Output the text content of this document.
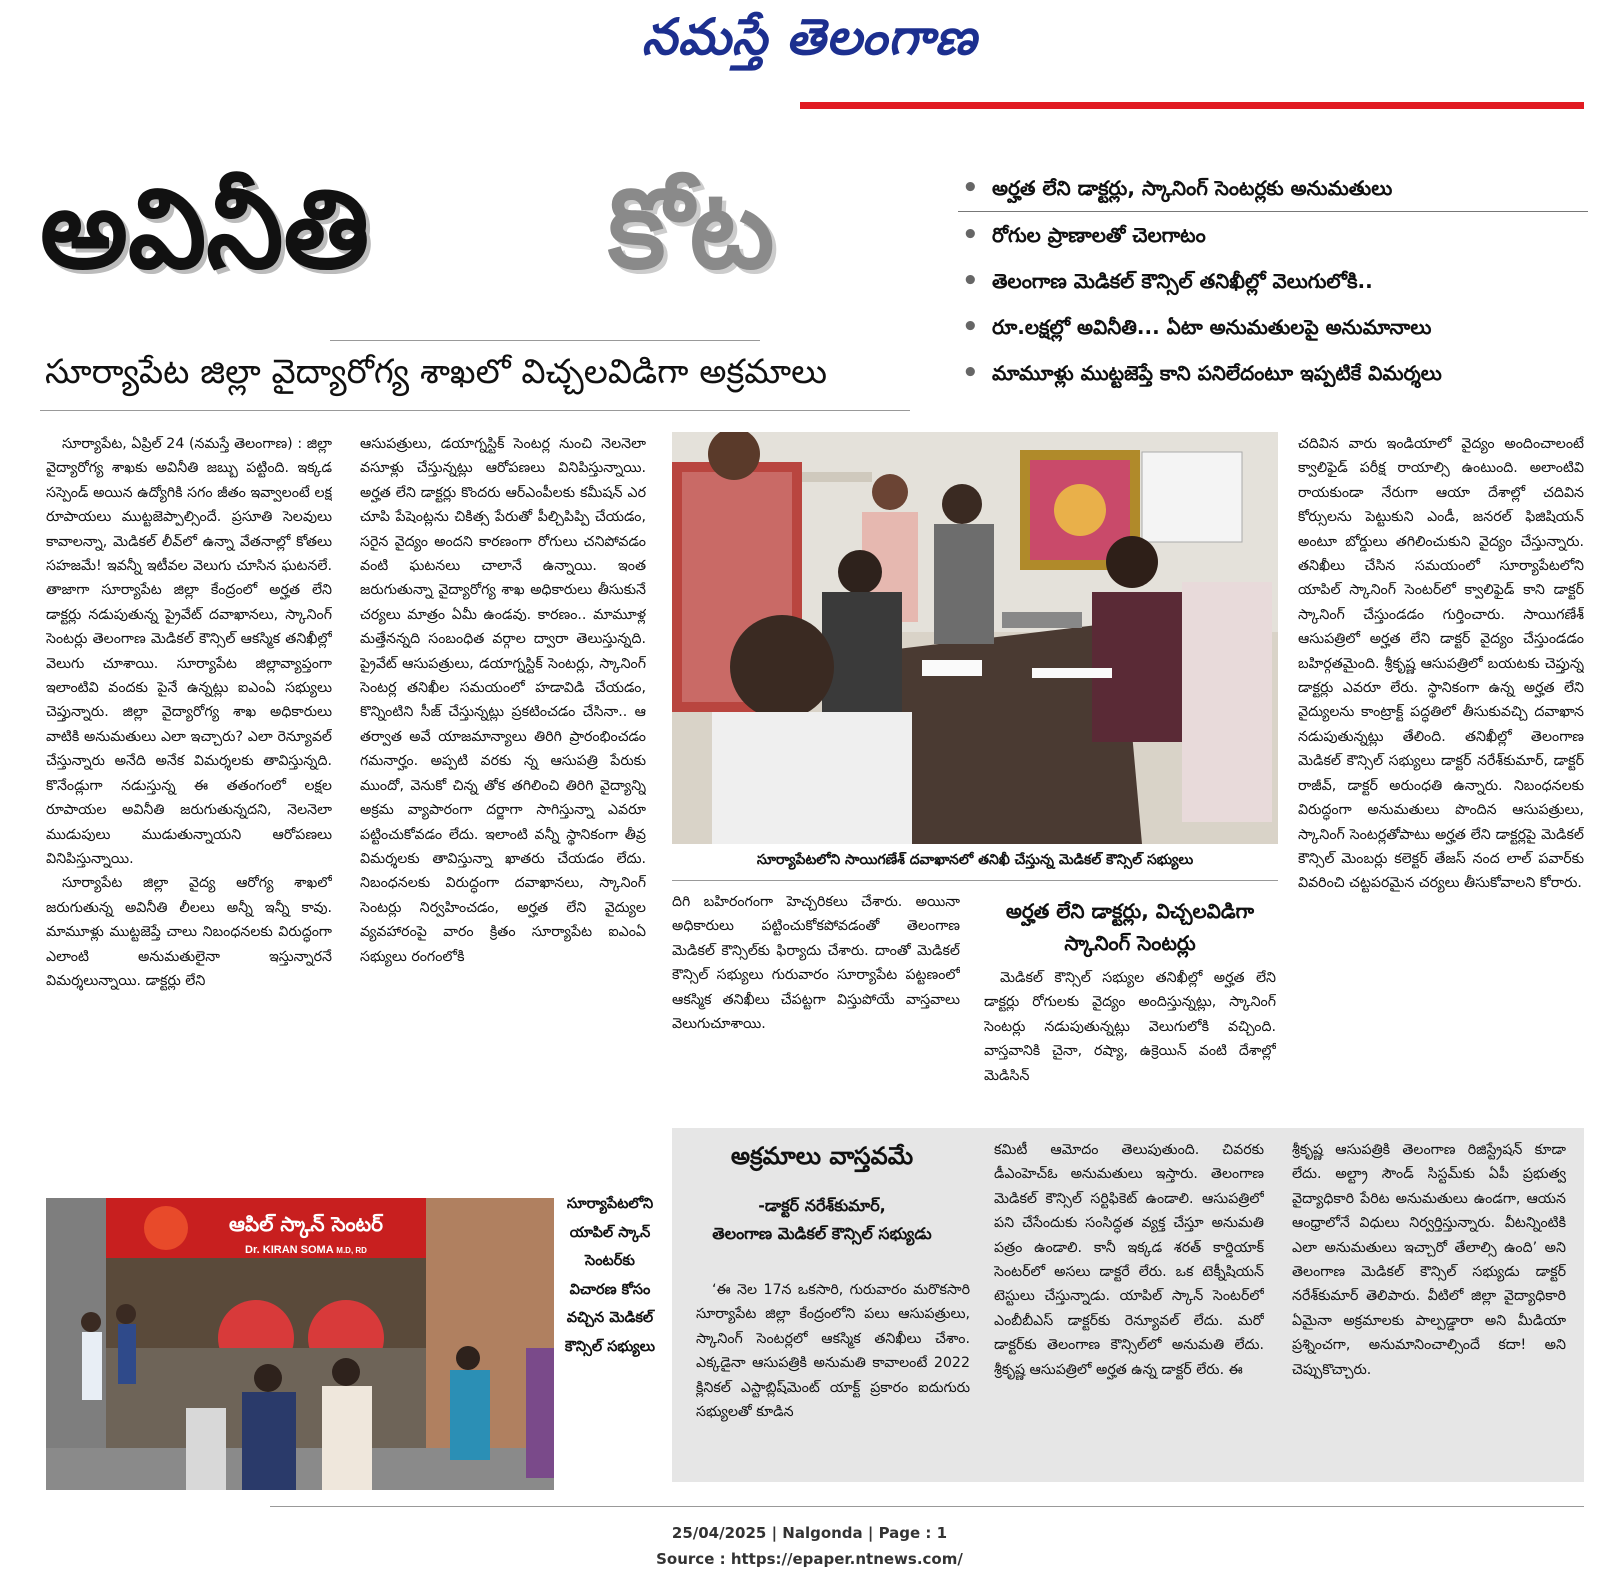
నమస్తే తెలంగాణ
అవినీతి కోట
సూర్యాపేట జిల్లా వైద్యారోగ్య శాఖలో విచ్చలవిడిగా అక్రమాలు
• అర్హత లేని డాక్టర్లు, స్కానింగ్ సెంటర్లకు అనుమతులు
• రోగుల ప్రాణాలతో చెలగాటం
• తెలంగాణ మెడికల్ కౌన్సిల్ తనిఖీల్లో వెలుగులోకి..
• రూ.లక్షల్లో అవినీతి... ఏటా అనుమతులపై అనుమానాలు
• మామూళ్లు ముట్టజెప్తే కాని పనిలేదంటూ ఇప్పటికే విమర్శలు

సూర్యాపేట, ఏప్రిల్ 24 (నమస్తే తెలంగాణ) : జిల్లా వైద్యారోగ్య శాఖకు అవినీతి జబ్బు పట్టింది. ఇక్కడ సస్పెండ్ అయిన ఉద్యోగికి సగం జీతం ఇవ్వాలంటే లక్ష రూపాయలు ముట్టజెప్పాల్సిందే. ప్రసూతి సెలవులు కావాలన్నా, మెడికల్ లీవ్‌లో ఉన్నా వేతనాల్లో కోతలు సహజమే! ఇవన్నీ ఇటీవల వెలుగు చూసిన ఘటనలే. తాజాగా సూర్యాపేట జిల్లా కేంద్రంలో అర్హత లేని డాక్టర్లు నడుపుతున్న ప్రైవేట్ దవాఖానలు, స్కానింగ్ సెంటర్లు తెలంగాణ మెడికల్ కౌన్సిల్ ఆకస్మిక తనిఖీల్లో వెలుగు చూశాయి. సూర్యాపేట జిల్లావ్యాప్తంగా ఇలాంటివి వందకు పైనే ఉన్నట్లు ఐఎంఏ సభ్యులు చెప్తున్నారు. జిల్లా వైద్యారోగ్య శాఖ అధికారులు వాటికి అనుమతులు ఎలా ఇచ్చారు? ఎలా రెన్యూవల్ చేస్తున్నారు అనేది అనేక విమర్శలకు తావిస్తున్నది. కొనేండ్లుగా నడుస్తున్న ఈ తతంగంలో లక్షల రూపాయల అవినీతి జరుగుతున్నదని, నెలనెలా ముడుపులు ముడుతున్నాయని ఆరోపణలు వినిపిస్తున్నాయి.

సూర్యాపేట జిల్లా వైద్య ఆరోగ్య శాఖలో జరుగుతున్న అవినీతి లీలలు అన్నీ ఇన్నీ కావు. మామూళ్లు ముట్టజెప్తే చాలు నిబంధనలకు విరుద్ధంగా ఎలాంటి అనుమతులైనా ఇస్తున్నారనే విమర్శలున్నాయి. డాక్టర్లు లేని

ఆసుపత్రులు, డయాగ్నస్టిక్ సెంటర్ల నుంచి నెలనెలా వసూళ్లు చేస్తున్నట్లు ఆరోపణలు వినిపిస్తున్నాయి. అర్హత లేని డాక్టర్లు కొందరు ఆర్‌ఎంపీలకు కమీషన్ ఎర చూపి పేషెంట్లను చికిత్స పేరుతో పీల్చిపిప్పి చేయడం, సరైన వైద్యం అందని కారణంగా రోగులు చనిపోవడం వంటి ఘటనలు చాలానే ఉన్నాయి. ఇంత జరుగుతున్నా వైద్యారోగ్య శాఖ అధికారులు తీసుకునే చర్యలు మాత్రం ఏమీ ఉండవు. కారణం.. మామూళ్ల మత్తేనన్నది సంబంధిత వర్గాల ద్వారా తెలుస్తున్నది. ప్రైవేట్ ఆసుపత్రులు, డయాగ్నస్టిక్ సెంటర్లు, స్కానింగ్ సెంటర్ల తనిఖీల సమయంలో హడావిడి చేయడం, కొన్నింటిని సీజ్ చేస్తున్నట్లు ప్రకటించడం చేసినా.. ఆ తర్వాత అవే యాజమాన్యాలు తిరిగి ప్రారంభించడం గమనార్హం. అప్పటి వరకు న్న ఆసుపత్రి పేరుకు ముందో, వెనుకో చిన్న తోక తగిలించి తిరిగి వైద్యాన్ని అక్రమ వ్యాపారంగా దర్జాగా సాగిస్తున్నా ఎవరూ పట్టించుకోవడం లేదు. ఇలాంటి వన్నీ స్థానికంగా తీవ్ర విమర్శలకు తావిస్తున్నా ఖాతరు చేయడం లేదు. నిబంధనలకు విరుద్ధంగా దవాఖానలు, స్కానింగ్ సెంటర్లు నిర్వహించడం, అర్హత లేని వైద్యుల వ్యవహారంపై వారం క్రితం సూర్యాపేట ఐఎంఏ సభ్యులు రంగంలోకి

సూర్యాపేటలోని సాయిగణేశ్ దవాఖానలో తనిఖీ చేస్తున్న మెడికల్ కౌన్సిల్ సభ్యులు

దిగి బహిరంగంగా హెచ్చరికలు చేశారు. అయినా అధికారులు పట్టించుకోకపోవడంతో తెలంగాణ మెడికల్ కౌన్సిల్‌కు ఫిర్యాదు చేశారు. దాంతో మెడికల్ కౌన్సిల్ సభ్యులు గురువారం సూర్యాపేట పట్టణంలో ఆకస్మిక తనిఖీలు చేపట్టగా విస్తుపోయే వాస్తవాలు వెలుగుచూశాయి.

అర్హత లేని డాక్టర్లు, విచ్చలవిడిగా స్కానింగ్ సెంటర్లు

మెడికల్ కౌన్సిల్ సభ్యుల తనిఖీల్లో అర్హత లేని డాక్టర్లు రోగులకు వైద్యం అందిస్తున్నట్లు, స్కానింగ్ సెంటర్లు నడుపుతున్నట్లు వెలుగులోకి వచ్చింది. వాస్తవానికి చైనా, రష్యా, ఉక్రెయిన్ వంటి దేశాల్లో మెడిసిన్

చదివిన వారు ఇండియాలో వైద్యం అందించాలంటే క్వాలిఫైడ్ పరీక్ష రాయాల్సి ఉంటుంది. అలాంటివి రాయకుండా నేరుగా ఆయా దేశాల్లో చదివిన కోర్సులను పెట్టుకుని ఎండీ, జనరల్ ఫిజిషియన్ అంటూ బోర్డులు తగిలించుకుని వైద్యం చేస్తున్నారు. తనిఖీలు చేసిన సమయంలో సూర్యాపేటలోని యాపిల్ స్కానింగ్ సెంటర్‌లో క్వాలిఫైడ్ కాని డాక్టర్ స్కానింగ్ చేస్తుండడం గుర్తించారు. సాయిగణేశ్ ఆసుపత్రిలో అర్హత లేని డాక్టర్ వైద్యం చేస్తుండడం బహిర్గతమైంది. శ్రీకృష్ణ ఆసుపత్రిలో బయటకు చెప్తున్న డాక్టర్లు ఎవరూ లేరు. స్థానికంగా ఉన్న అర్హత లేని వైద్యులను కాంట్రాక్ట్ పద్ధతిలో తీసుకువచ్చి దవాఖాన నడుపుతున్నట్లు తేలింది. తనిఖీల్లో తెలంగాణ మెడికల్ కౌన్సిల్ సభ్యులు డాక్టర్ నరేశ్‌కుమార్, డాక్టర్ రాజీవ్, డాక్టర్ అరుంధతి ఉన్నారు. నిబంధనలకు విరుద్ధంగా అనుమతులు పొందిన ఆసుపత్రులు, స్కానింగ్ సెంటర్లతోపాటు అర్హత లేని డాక్టర్లపై మెడికల్ కౌన్సిల్ మెంబర్లు కలెక్టర్ తేజస్ నంద లాల్ పవార్‌కు వివరించి చట్టపరమైన చర్యలు తీసుకోవాలని కోరారు.

ఆపిల్ స్కాన్ సెంటర్
Dr. KIRAN SOMA M.D, RD
సూర్యాపేటలోని యాపిల్ స్కాన్ సెంటర్‌కు విచారణ కోసం వచ్చిన మెడికల్ కౌన్సిల్ సభ్యులు
అక్రమాలు వాస్తవమే
-డాక్టర్ నరేశ్‌కుమార్,
తెలంగాణ మెడికల్ కౌన్సిల్ సభ్యుడు

‘ఈ నెల 17న ఒకసారి, గురువారం మరొకసారి సూర్యాపేట జిల్లా కేంద్రంలోని పలు ఆసుపత్రులు, స్కానింగ్ సెంటర్లలో ఆకస్మిక తనిఖీలు చేశాం. ఎక్కడైనా ఆసుపత్రికి అనుమతి కావాలంటే 2022 క్లినికల్ ఎస్టాబ్లిష్‌మెంట్ యాక్ట్ ప్రకారం ఐదుగురు సభ్యులతో కూడిన

కమిటీ ఆమోదం తెలుపుతుంది. చివరకు డీఎంహెచ్‌ఓ అనుమతులు ఇస్తారు. తెలంగాణ మెడికల్ కౌన్సిల్ సర్టిఫికెట్ ఉండాలి. ఆసుపత్రిలో పని చేసేందుకు సంసిద్ధత వ్యక్త చేస్తూ అనుమతి పత్రం ఉండాలి. కానీ ఇక్కడ శరత్ కార్డియాక్ సెంటర్‌లో అసలు డాక్టరే లేరు. ఒక టెక్నీషియన్ టెస్టులు చేస్తున్నాడు. యాపిల్ స్కాన్ సెంటర్‌లో ఎంబీబీఎస్ డాక్టర్‌కు రెన్యూవల్ లేదు. మరో డాక్టర్‌కు తెలంగాణ కౌన్సిల్‌లో అనుమతి లేదు. శ్రీకృష్ణ ఆసుపత్రిలో అర్హత ఉన్న డాక్టర్ లేరు. ఈ

శ్రీకృష్ణ ఆసుపత్రికి తెలంగాణ రిజిస్ట్రేషన్ కూడా లేదు. అల్ట్రా సౌండ్ సిస్టమ్‌కు ఏపీ ప్రభుత్వ వైద్యాధికారి పేరిట అనుమతులు ఉండగా, ఆయన ఆంధ్రాలోనే విధులు నిర్వర్తిస్తున్నారు. వీటన్నింటికి ఎలా అనుమతులు ఇచ్చారో తేలాల్సి ఉంది’ అని తెలంగాణ మెడికల్ కౌన్సిల్ సభ్యుడు డాక్టర్ నరేశ్‌కుమార్ తెలిపారు. వీటిలో జిల్లా వైద్యాధికారి ఏమైనా అక్రమాలకు పాల్పడ్డారా అని మీడియా ప్రశ్నించగా, అనుమానించాల్సిందే కదా! అని చెప్పుకొచ్చారు.

25/04/2025 | Nalgonda | Page : 1
Source : https://epaper.ntnews.com/
